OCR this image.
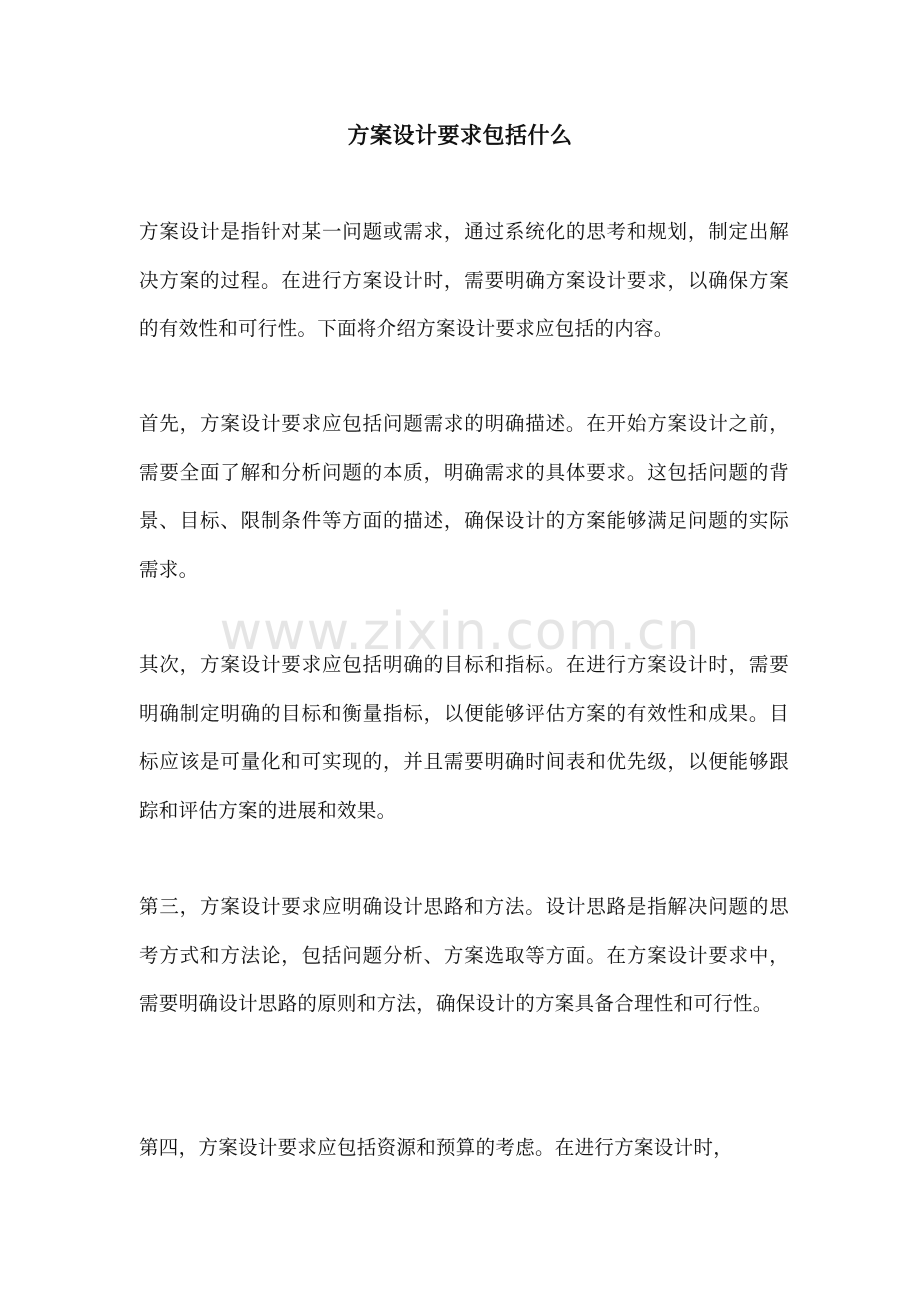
方案设计要求包括什么

方案设计是指针对某一问题或需求，通过系统化的思考和规划，制定出解决方案的过程。在进行方案设计时，需要明确方案设计要求，以确保方案的有效性和可行性。下面将介绍方案设计要求应包括的内容。

首先，方案设计要求应包括问题需求的明确描述。在开始方案设计之前，需要全面了解和分析问题的本质，明确需求的具体要求。这包括问题的背景、目标、限制条件等方面的描述，确保设计的方案能够满足问题的实际需求。

其次，方案设计要求应包括明确的目标和指标。在进行方案设计时，需要明确制定明确的目标和衡量指标，以便能够评估方案的有效性和成果。目标应该是可量化和可实现的，并且需要明确时间表和优先级，以便能够跟踪和评估方案的进展和效果。

第三，方案设计要求应明确设计思路和方法。设计思路是指解决问题的思考方式和方法论，包括问题分析、方案选取等方面。在方案设计要求中，需要明确设计思路的原则和方法，确保设计的方案具备合理性和可行性。

第四，方案设计要求应包括资源和预算的考虑。在进行方案设计时，

www.zixin.com.cn
